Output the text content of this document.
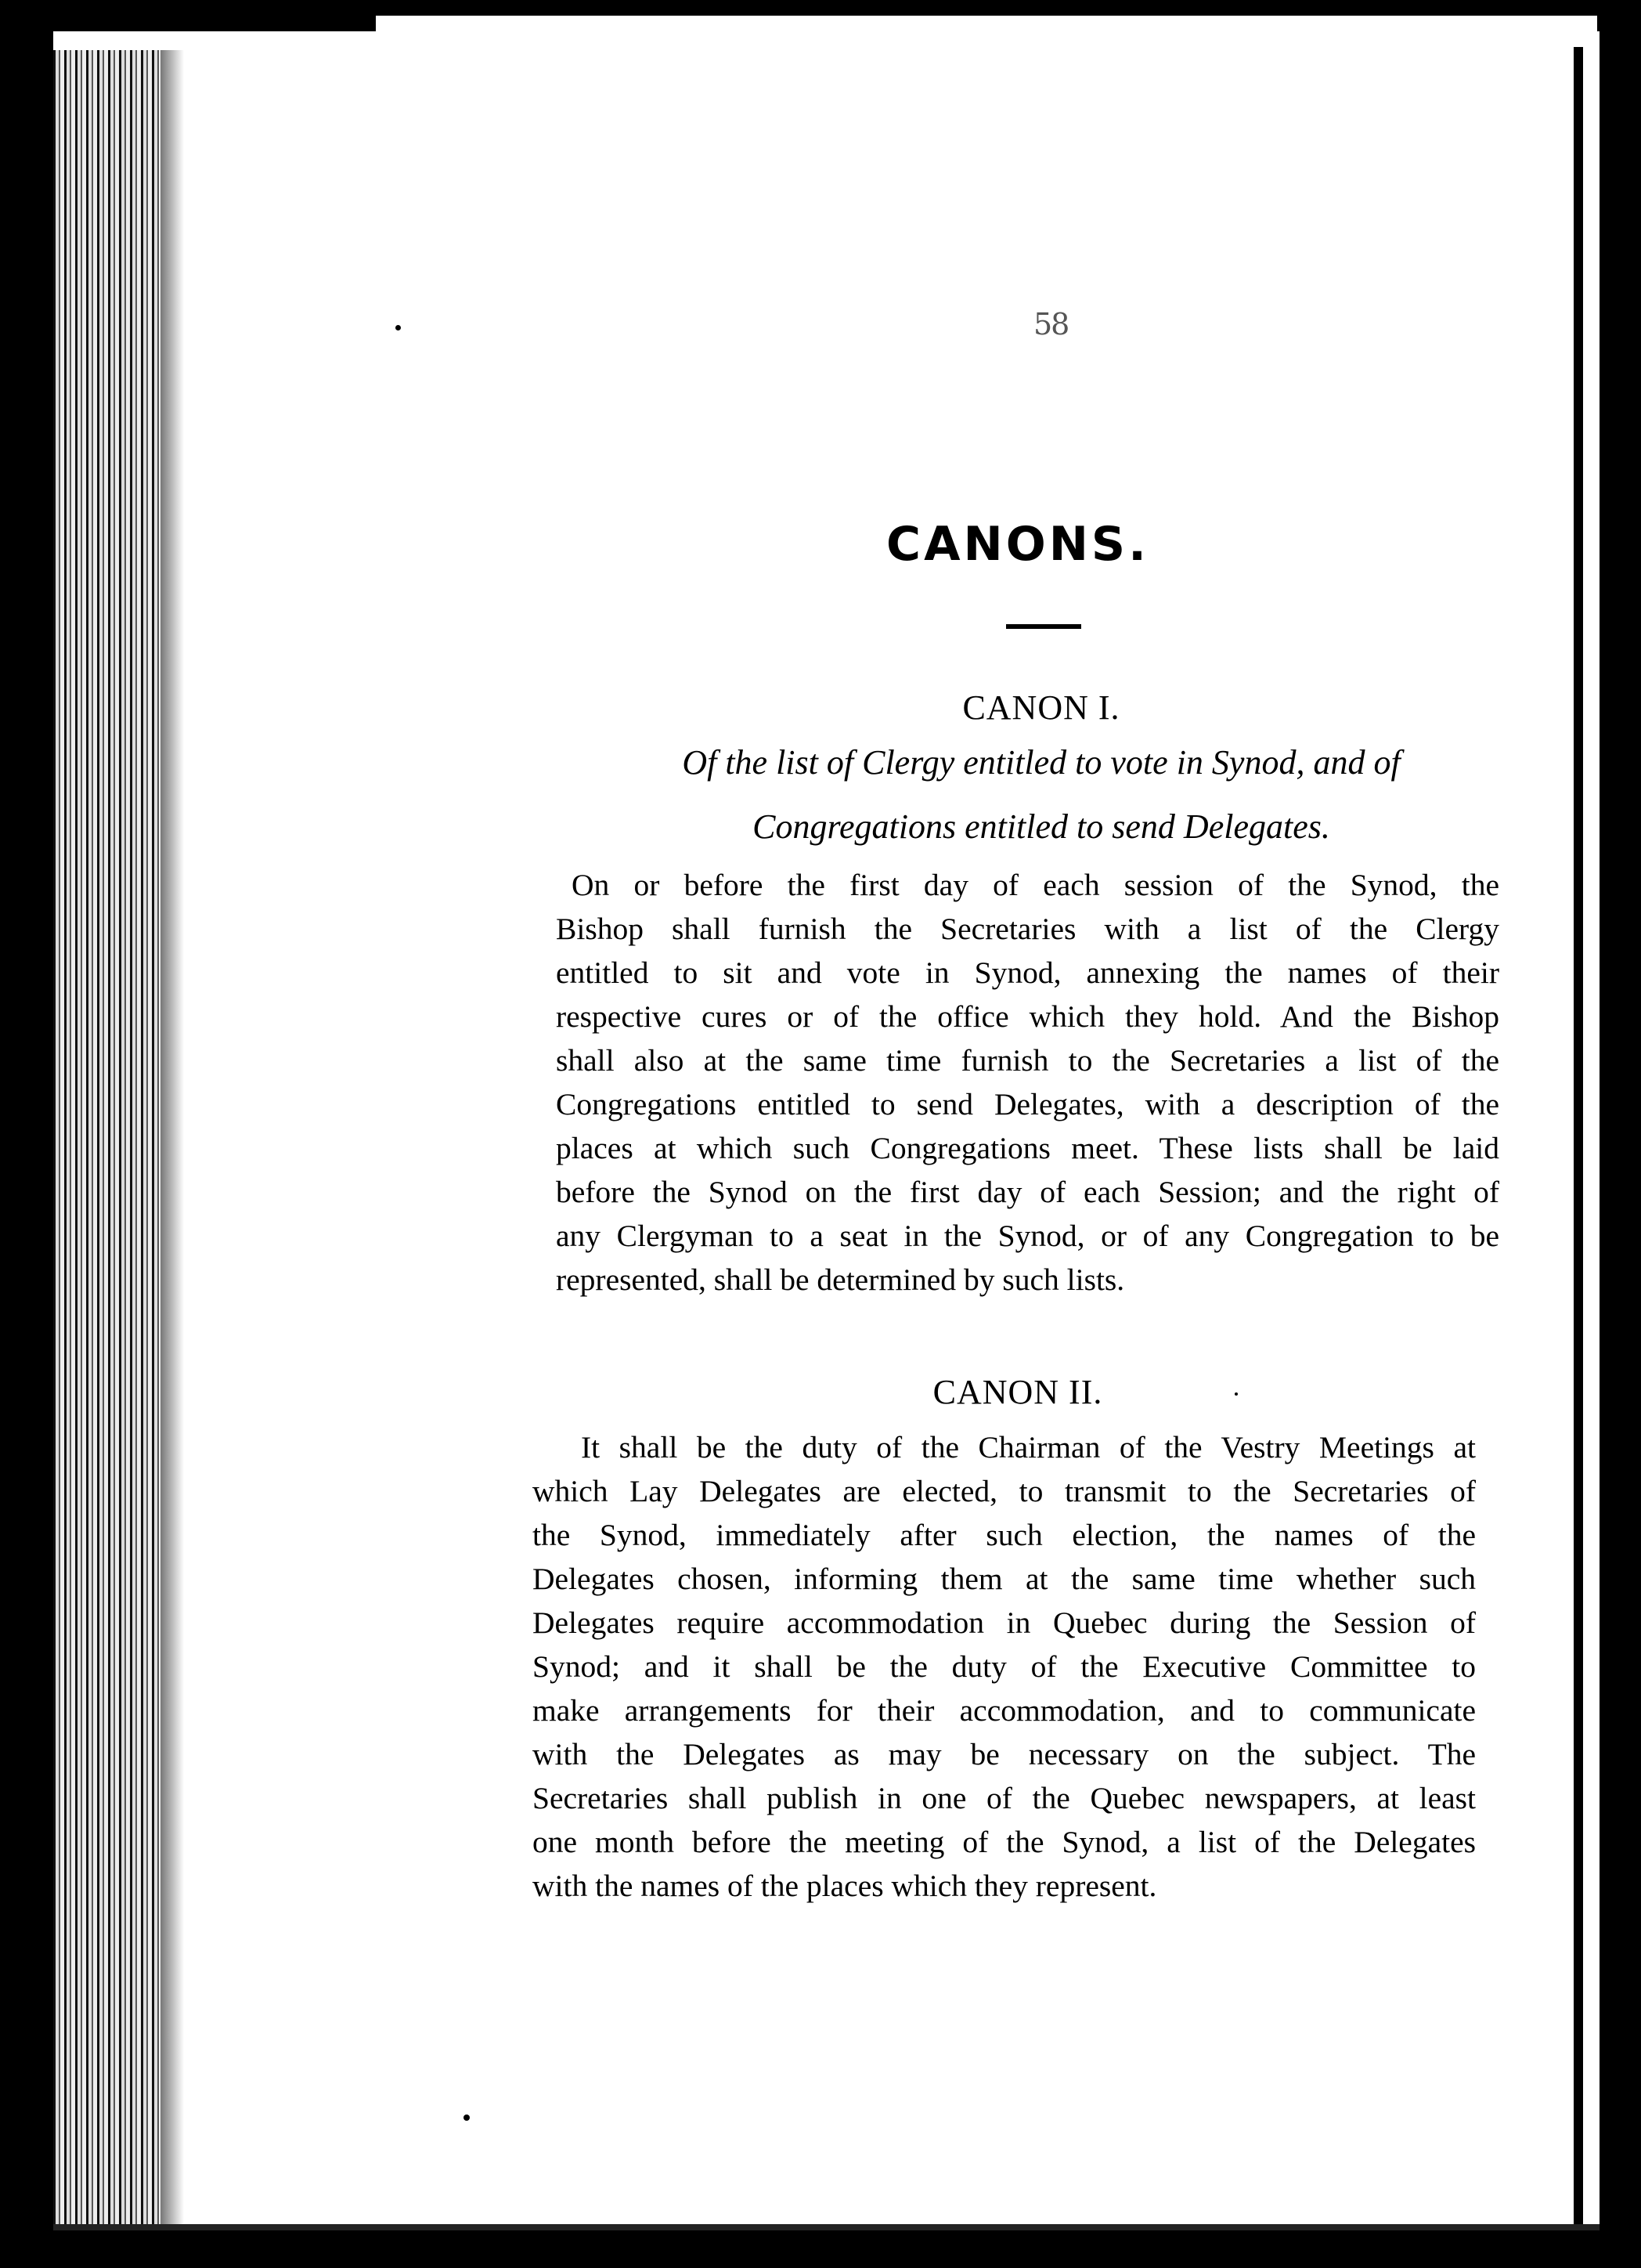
58
CANONS.
CANON I.
Of the list of Clergy entitled to vote in Synod, and of
Congregations entitled to send Delegates.
On or before the first day of each session of the Synod, the
Bishop shall furnish the Secretaries with a list of the Clergy
entitled to sit and vote in Synod, annexing the names of their
respective cures or of the office which they hold. And the Bishop
shall also at the same time furnish to the Secretaries a list of the
Congregations entitled to send Delegates, with a description of the
places at which such Congregations meet. These lists shall be laid
before the Synod on the first day of each Session; and the right of
any Clergyman to a seat in the Synod, or of any Congregation to be
represented, shall be determined by such lists.
CANON II.
It shall be the duty of the Chairman of the Vestry Meetings at
which Lay Delegates are elected, to transmit to the Secretaries of
the Synod, immediately after such election, the names of the
Delegates chosen, informing them at the same time whether such
Delegates require accommodation in Quebec during the Session of
Synod; and it shall be the duty of the Executive Committee to
make arrangements for their accommodation, and to communicate
with the Delegates as may be necessary on the subject. The
Secretaries shall publish in one of the Quebec newspapers, at least
one month before the meeting of the Synod, a list of the Delegates
with the names of the places which they represent.
